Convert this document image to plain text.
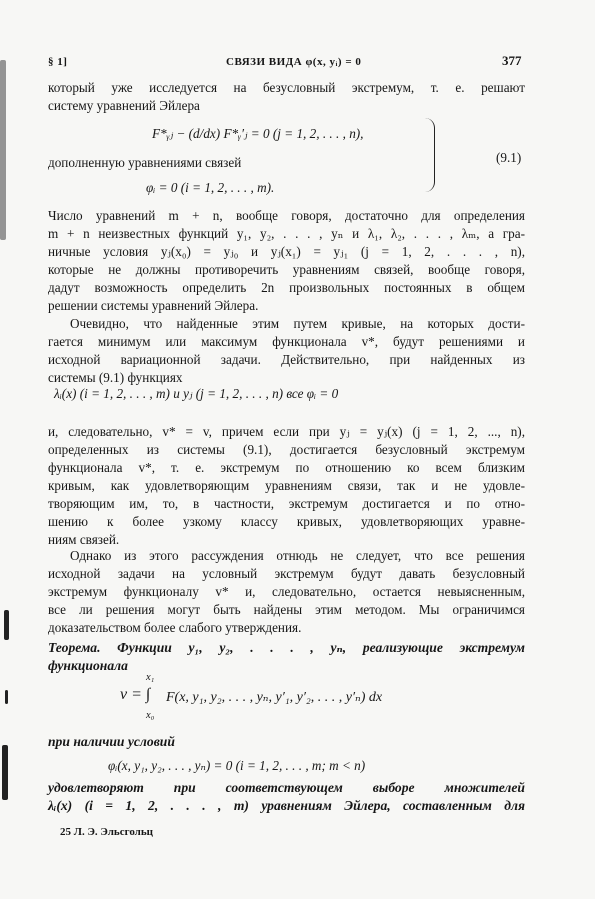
§ 1]	СВЯЗИ ВИДА φ(x, yᵢ) = 0	377
который уже исследуется на безусловный экстремум, т. е. решают
систему уравнений Эйлера
F*ᵧⱼ − (d/dx) F*ᵧ′ⱼ = 0 (j = 1, 2, . . . , n),
дополненную уравнениями связей
φᵢ = 0 (i = 1, 2, . . . , m).
(9.1)
Число уравнений m + n, вообще говоря, достаточно для определения
m + n неизвестных функций y₁, y₂, . . . , yₙ и λ₁, λ₂, . . . , λₘ, а гра-
ничные условия yⱼ(x₀) = yⱼ₀ и yⱼ(x₁) = yⱼ₁ (j = 1, 2, . . . , n),
которые не должны противоречить уравнениям связей, вообще говоря,
дадут возможность определить 2n произвольных постоянных в общем
решении системы уравнений Эйлера.
Очевидно, что найденные этим путем кривые, на которых дости-
гается минимум или максимум функционала v*, будут решениями и
исходной вариационной задачи. Действительно, при найденных из
системы (9.1) функциях
λᵢ(x) (i = 1, 2, . . . , m) и yⱼ (j = 1, 2, . . . , n) все φᵢ = 0
и, следовательно, v* = v, причем если при yⱼ = yⱼ(x) (j = 1, 2, ..., n),
определенных из системы (9.1), достигается безусловный экстремум
функционала v*, т. е. экстремум по отношению ко всем близким
кривым, как удовлетворяющим уравнениям связи, так и не удовле-
творяющим им, то, в частности, экстремум достигается и по отно-
шению к более узкому классу кривых, удовлетворяющих уравне-
ниям связей.
Однако из этого рассуждения отнюдь не следует, что все решения
исходной задачи на условный экстремум будут давать безусловный
экстремум функционалу v* и, следовательно, остается невыясненным,
все ли решения могут быть найдены этим методом. Мы ограничимся
доказательством более слабого утверждения.
Теорема. Функции y₁, y₂, . . . , yₙ, реализующие экстремум
функционала
v = ∫
x₁
x₀
F(x, y₁, y₂, . . . , yₙ, y′₁, y′₂, . . . , y′ₙ) dx
при наличии условий
φᵢ(x, y₁, y₂, . . . , yₙ) = 0 (i = 1, 2, . . . , m; m < n)
удовлетворяют при соответствующем выборе множителей
λᵢ(x) (i = 1, 2, . . . , m) уравнениям Эйлера, составленным для
25 Л. Э. Эльсгольц
